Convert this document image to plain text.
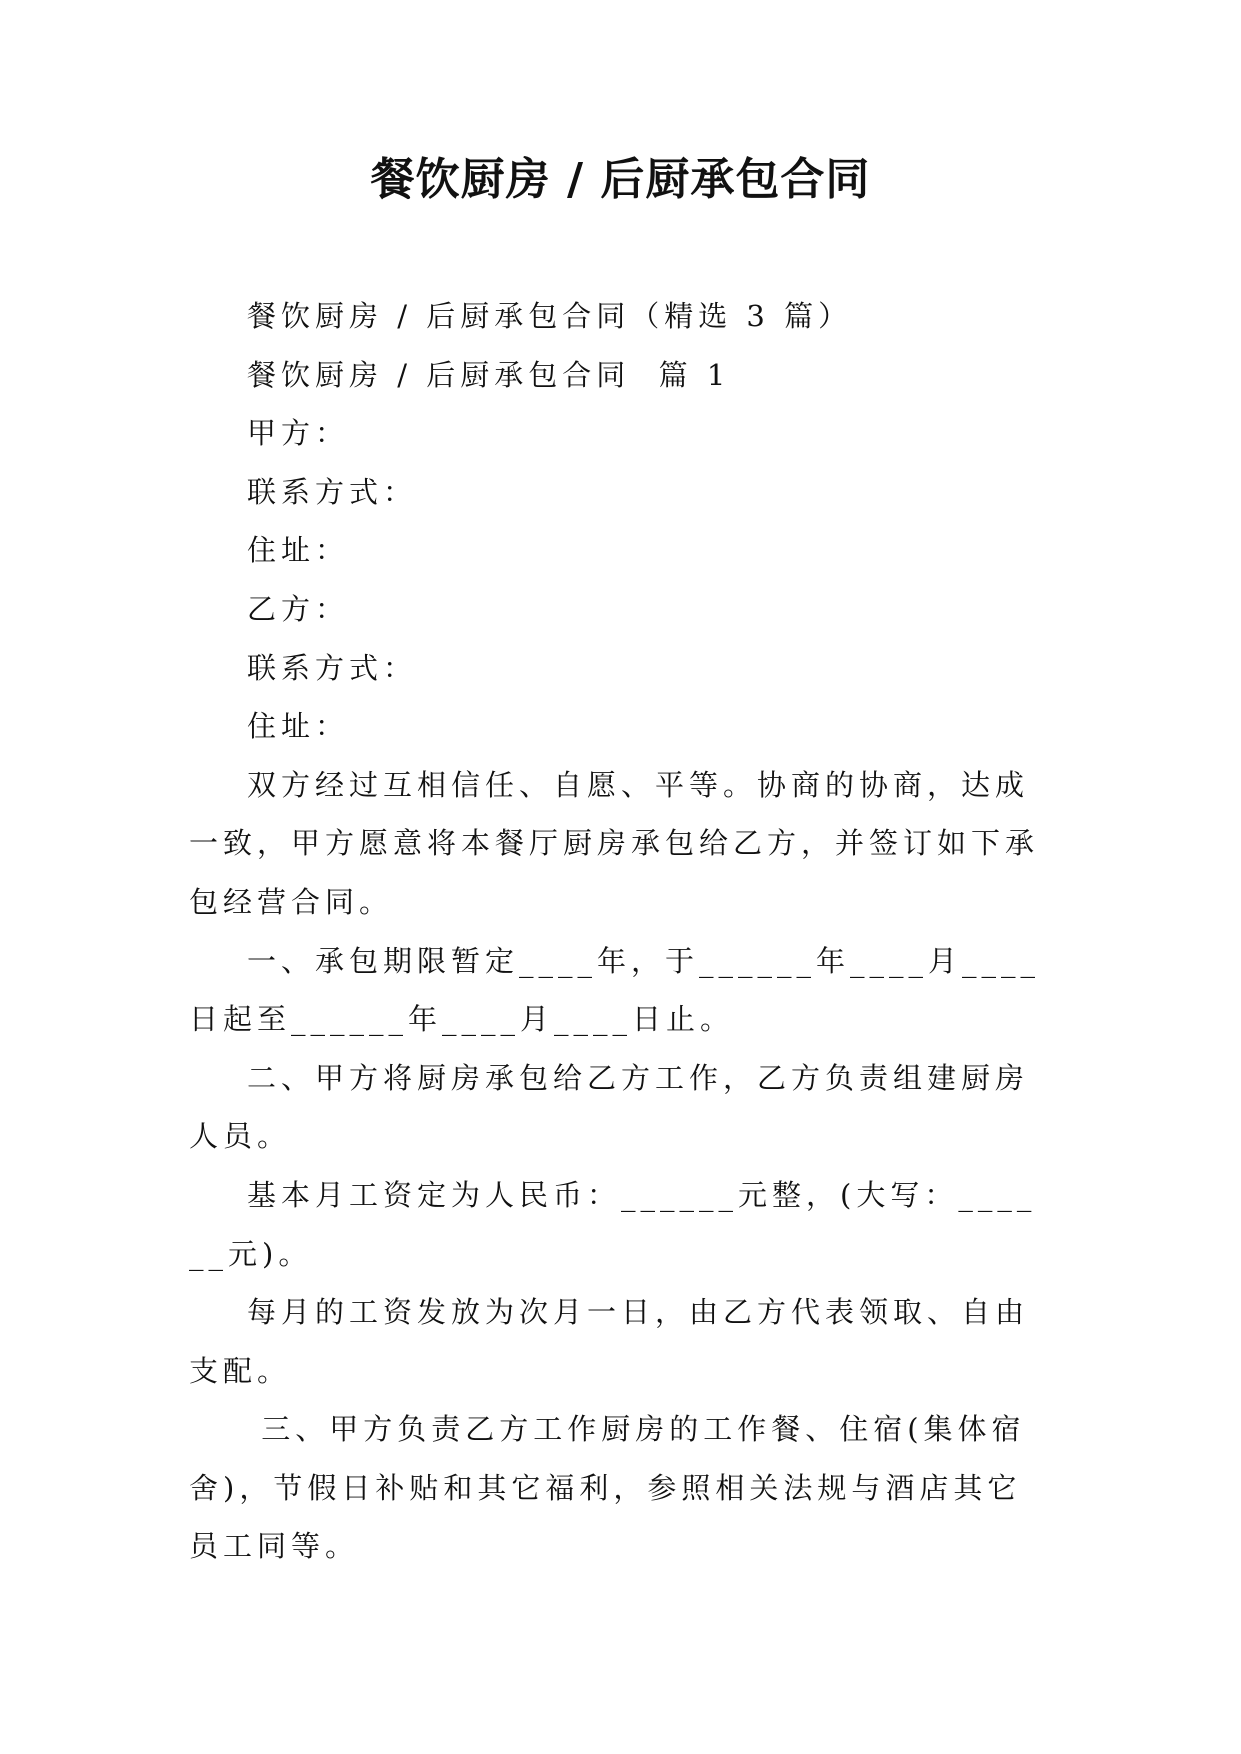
餐饮厨房 / 后厨承包合同

餐饮厨房 / 后厨承包合同（精选 3 篇）

餐饮厨房 / 后厨承包合同  篇 1

甲方：

联系方式：

住址：

乙方：

联系方式：

住址：

双方经过互相信任、自愿、平等。协商的协商，达成一致，甲方愿意将本餐厅厨房承包给乙方，并签订如下承包经营合同。

一、承包期限暂定____年，于______年____月____日起至______年____月____日止。

二、甲方将厨房承包给乙方工作，乙方负责组建厨房人员。

基本月工资定为人民币：______元整，(大写：______元)。

每月的工资发放为次月一日，由乙方代表领取、自由支配。

三、甲方负责乙方工作厨房的工作餐、住宿(集体宿舍)，节假日补贴和其它福利，参照相关法规与酒店其它员工同等。
